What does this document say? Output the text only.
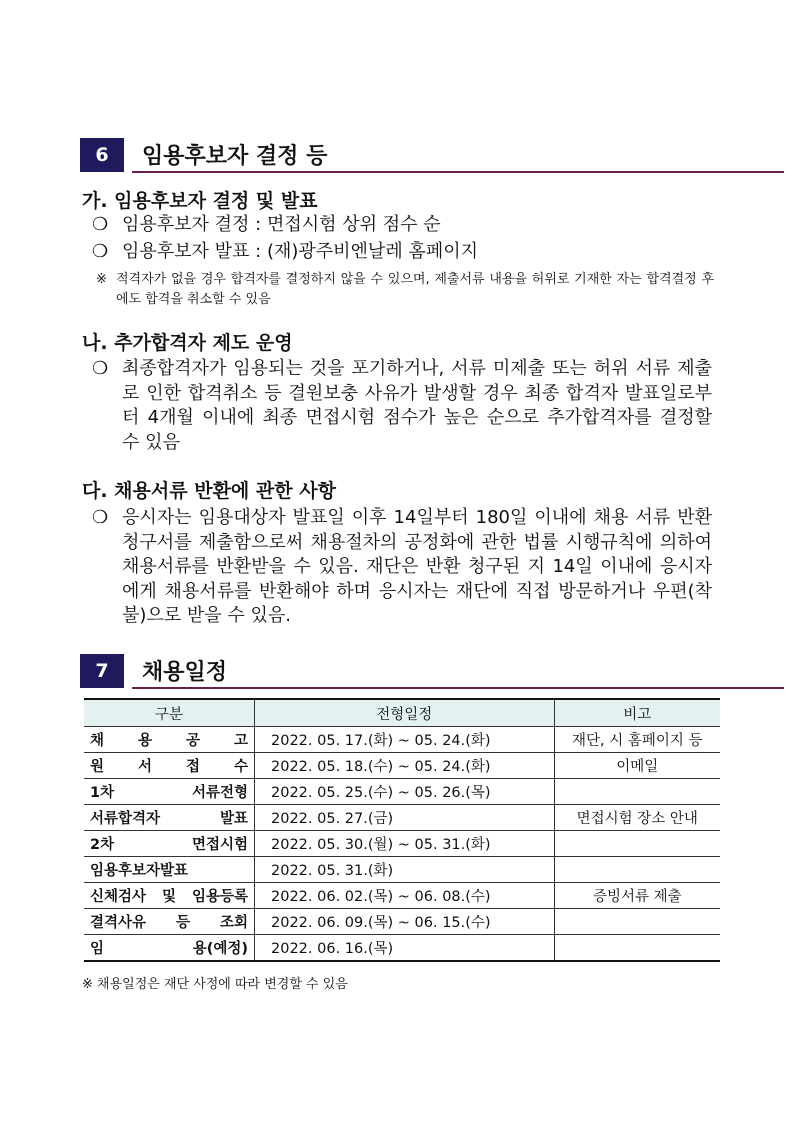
6	임용후보자 결정 등
가. 임용후보자 결정 및 발표
❍ 임용후보자 결정 : 면접시험 상위 점수 순
❍ 임용후보자 발표 : (재)광주비엔날레 홈페이지
※ 적격자가 없을 경우 합격자를 결정하지 않을 수 있으며, 제출서류 내용을 허위로 기재한 자는 합격결정 후에도 합격을 취소할 수 있음
나. 추가합격자 제도 운영
❍ 최종합격자가 임용되는 것을 포기하거나, 서류 미제출 또는 허위 서류 제출로 인한 합격취소 등 결원보충 사유가 발생할 경우 최종 합격자 발표일로부터 4개월 이내에 최종 면접시험 점수가 높은 순으로 추가합격자를 결정할 수 있음
다. 채용서류 반환에 관한 사항
❍ 응시자는 임용대상자 발표일 이후 14일부터 180일 이내에 채용 서류 반환청구서를 제출함으로써 채용절차의 공정화에 관한 법률 시행규칙에 의하여 채용서류를 반환받을 수 있음. 재단은 반환 청구된 지 14일 이내에 응시자에게 채용서류를 반환해야 하며 응시자는 재단에 직접 방문하거나 우편(착불)으로 받을 수 있음.
7	채용일정
구분	전형일정	비고
채 용 공 고	2022. 05. 17.(화) ~ 05. 24.(화)	재단, 시 홈페이지 등
원 서 접 수	2022. 05. 18.(수) ~ 05. 24.(화)	이메일
1차 서류전형	2022. 05. 25.(수) ~ 05. 26.(목)	
서류합격자 발표	2022. 05. 27.(금)	면접시험 장소 안내
2차 면접시험	2022. 05. 30.(월) ~ 05. 31.(화)	
임용후보자발표	2022. 05. 31.(화)	
신체검사 및 임용등록	2022. 06. 02.(목) ~ 06. 08.(수)	증빙서류 제출
결격사유 등 조회	2022. 06. 09.(목) ~ 06. 15.(수)	
임 용(예정)	2022. 06. 16.(목)	
※ 채용일정은 재단 사정에 따라 변경할 수 있음
